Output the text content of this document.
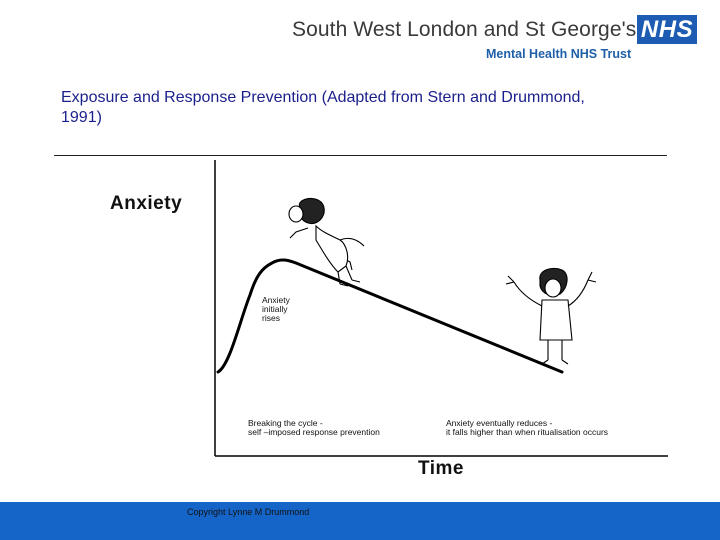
South West London and St George's
Mental Health NHS Trust
NHS
Exposure and Response Prevention (Adapted from Stern and Drummond,
1991)
Anxiety
Time
Anxiety
initially
rises
Breaking the cycle -
self –imposed response prevention
Anxiety eventually reduces -
it falls higher than when ritualisation occurs
Copyright Lynne M Drummond
